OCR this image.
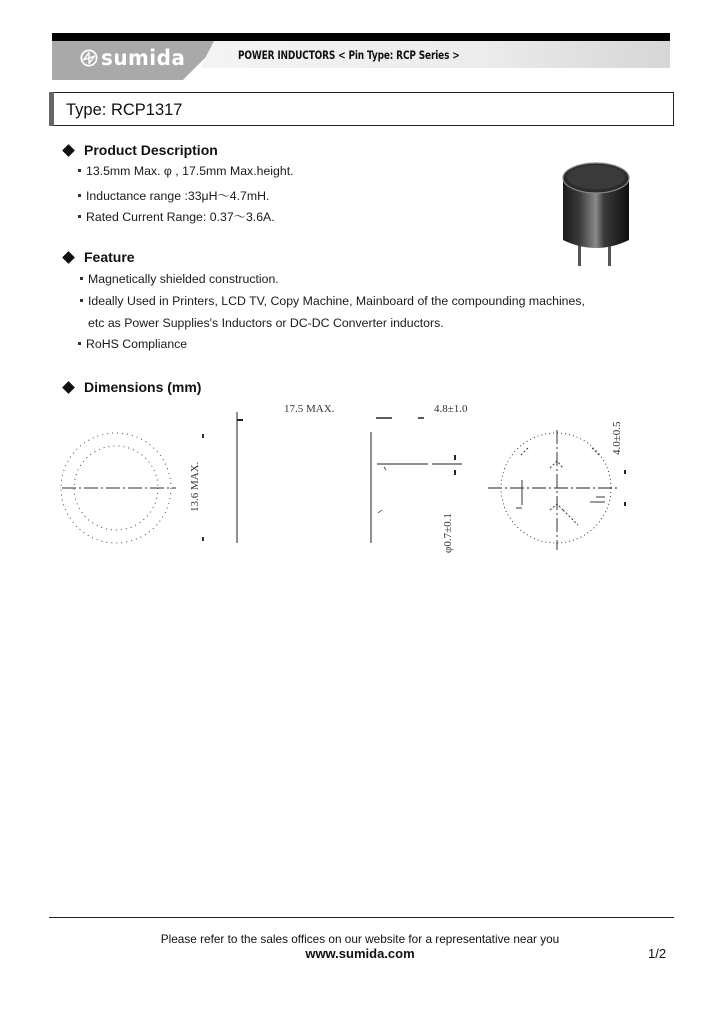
sumida	POWER INDUCTORS < Pin Type: RCP Series >
Type: RCP1317
Product Description
13.5mm Max. φ , 17.5mm Max.height.
Inductance range :33μH～4.7mH.
Rated Current Range: 0.37～3.6A.
Feature
Magnetically shielded construction.
Ideally Used in Printers, LCD TV, Copy Machine, Mainboard of the compounding machines,
etc as Power Supplies's Inductors or DC-DC Converter inductors.
RoHS Compliance
Dimensions (mm)
13.6 MAX.
17.5 MAX.	4.8±1.0
φ0.7±0.1
4.0±0.5
Please refer to the sales offices on our website for a representative near you
www.sumida.com	1/2
